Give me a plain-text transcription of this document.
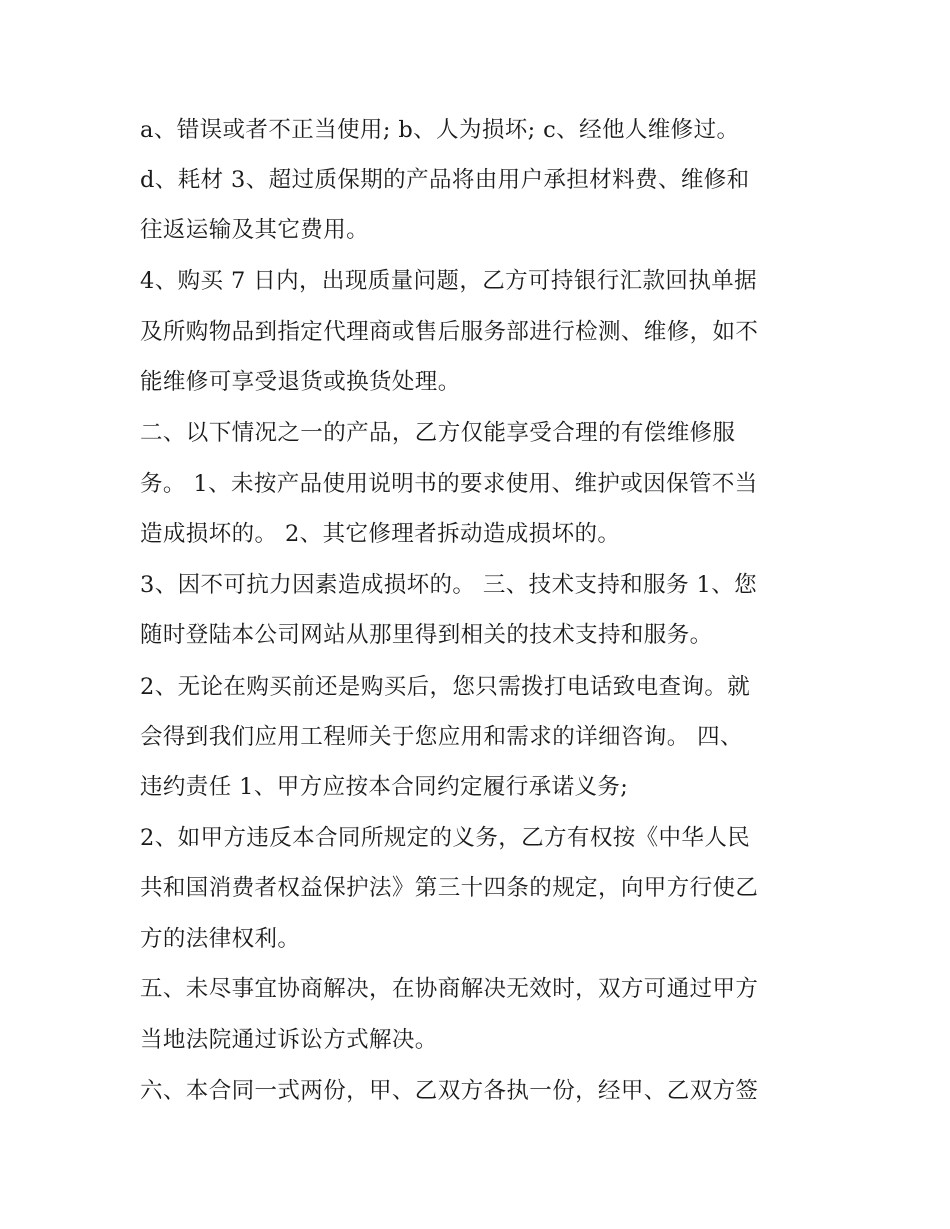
a、错误或者不正当使用; b、人为损坏; c、经他人维修过。
d、耗材 3、超过质保期的产品将由用户承担材料费、维修和
往返运输及其它费用。
4、购买 7 日内，出现质量问题，乙方可持银行汇款回执单据
及所购物品到指定代理商或售后服务部进行检测、维修，如不
能维修可享受退货或换货处理。
二、以下情况之一的产品，乙方仅能享受合理的有偿维修服
务。 1、未按产品使用说明书的要求使用、维护或因保管不当
造成损坏的。 2、其它修理者拆动造成损坏的。
3、因不可抗力因素造成损坏的。 三、技术支持和服务 1、您
随时登陆本公司网站从那里得到相关的技术支持和服务。
2、无论在购买前还是购买后，您只需拨打电话致电查询。就
会得到我们应用工程师关于您应用和需求的详细咨询。 四、
违约责任 1、甲方应按本合同约定履行承诺义务;
2、如甲方违反本合同所规定的义务，乙方有权按《中华人民
共和国消费者权益保护法》第三十四条的规定，向甲方行使乙
方的法律权利。
五、未尽事宜协商解决，在协商解决无效时，双方可通过甲方
当地法院通过诉讼方式解决。
六、本合同一式两份，甲、乙双方各执一份，经甲、乙双方签
